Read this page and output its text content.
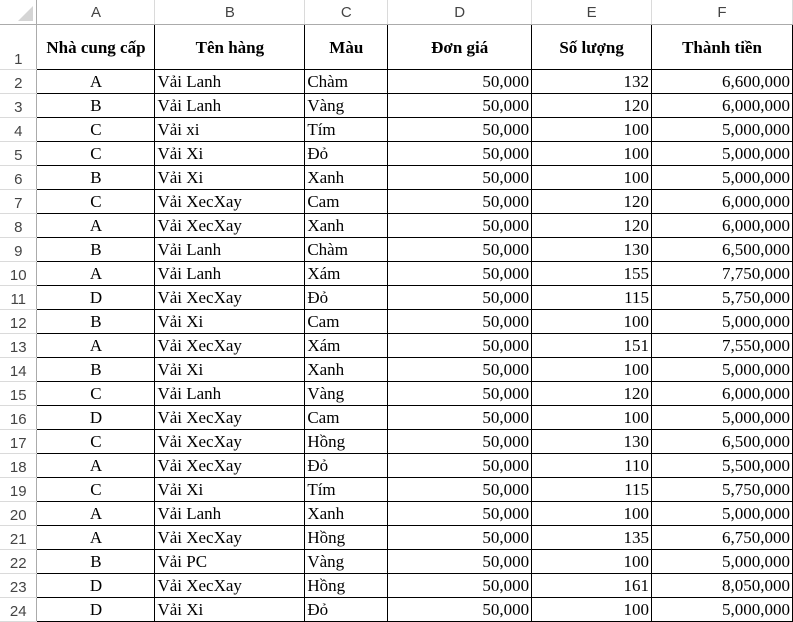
	A	B	C	D	E	F
1	Nhà cung cấp	Tên hàng	Màu	Đơn giá	Số lượng	Thành tiền
2	A	Vải Lanh	Chàm	50,000	132	6,600,000
3	B	Vải Lanh	Vàng	50,000	120	6,000,000
4	C	Vải xi	Tím	50,000	100	5,000,000
5	C	Vải Xi	Đỏ	50,000	100	5,000,000
6	B	Vải Xi	Xanh	50,000	100	5,000,000
7	C	Vải XecXay	Cam	50,000	120	6,000,000
8	A	Vải XecXay	Xanh	50,000	120	6,000,000
9	B	Vải Lanh	Chàm	50,000	130	6,500,000
10	A	Vải Lanh	Xám	50,000	155	7,750,000
11	D	Vải XecXay	Đỏ	50,000	115	5,750,000
12	B	Vải Xi	Cam	50,000	100	5,000,000
13	A	Vải XecXay	Xám	50,000	151	7,550,000
14	B	Vải Xi	Xanh	50,000	100	5,000,000
15	C	Vải Lanh	Vàng	50,000	120	6,000,000
16	D	Vải XecXay	Cam	50,000	100	5,000,000
17	C	Vải XecXay	Hồng	50,000	130	6,500,000
18	A	Vải XecXay	Đỏ	50,000	110	5,500,000
19	C	Vải Xi	Tím	50,000	115	5,750,000
20	A	Vải Lanh	Xanh	50,000	100	5,000,000
21	A	Vải XecXay	Hồng	50,000	135	6,750,000
22	B	Vải PC	Vàng	50,000	100	5,000,000
23	D	Vải XecXay	Hồng	50,000	161	8,050,000
24	D	Vải Xi	Đỏ	50,000	100	5,000,000
